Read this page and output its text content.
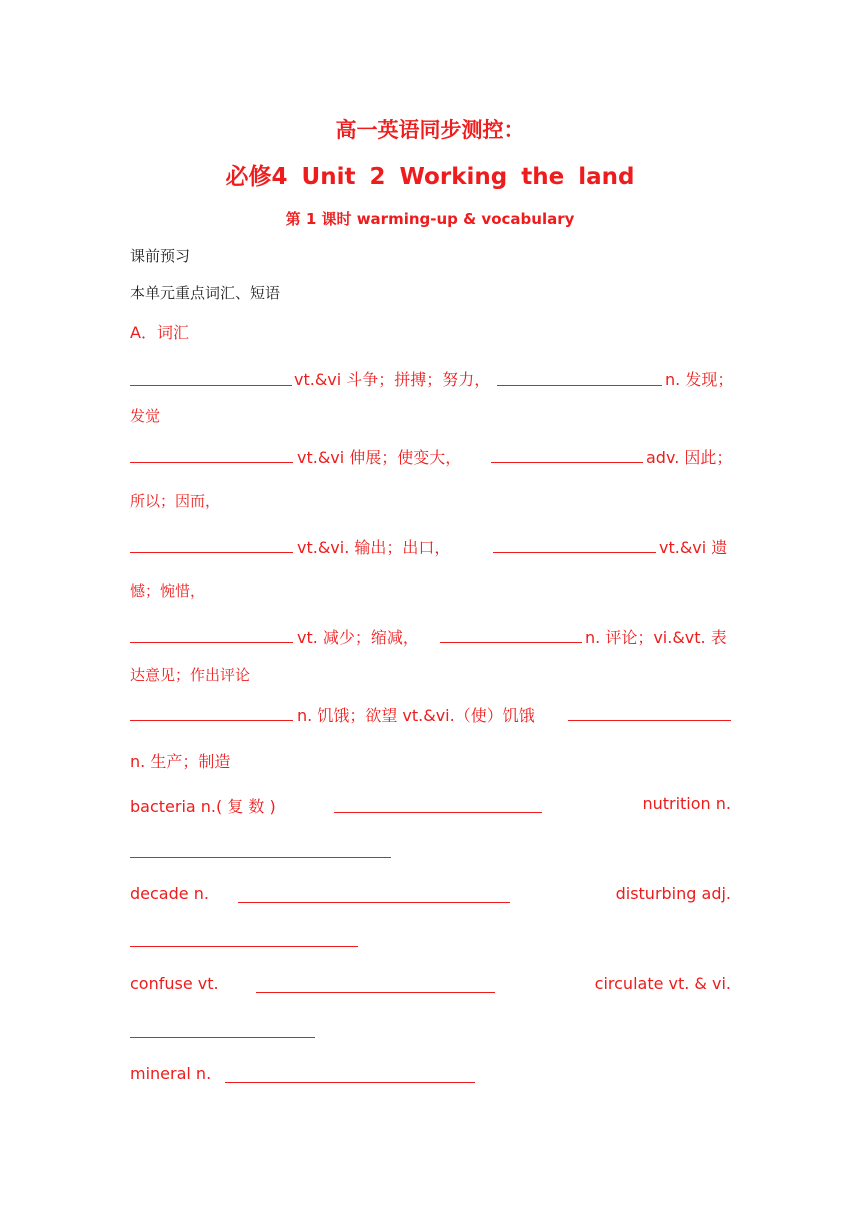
高一英语同步测控：
必修4 Unit 2 Working the land
第 1 课时 warming-up & vocabulary
课前预习
本单元重点词汇、短语
A．词汇
vt.&vi 斗争；拼搏；努力，	n. 发现；
发觉
vt.&vi 伸展；使变大，	adv. 因此；
所以；因而，
vt.&vi. 输出；出口，	vt.&vi 遗
憾；惋惜，
vt. 减少；缩减，	n. 评论；vi.&vt. 表
达意见；作出评论
n. 饥饿；欲望 vt.&vi.（使）饥饿
n. 生产；制造
bacteria n.( 复 数 )	nutrition n.
decade n.	disturbing adj.
confuse vt.	circulate vt. & vi.
mineral n.
